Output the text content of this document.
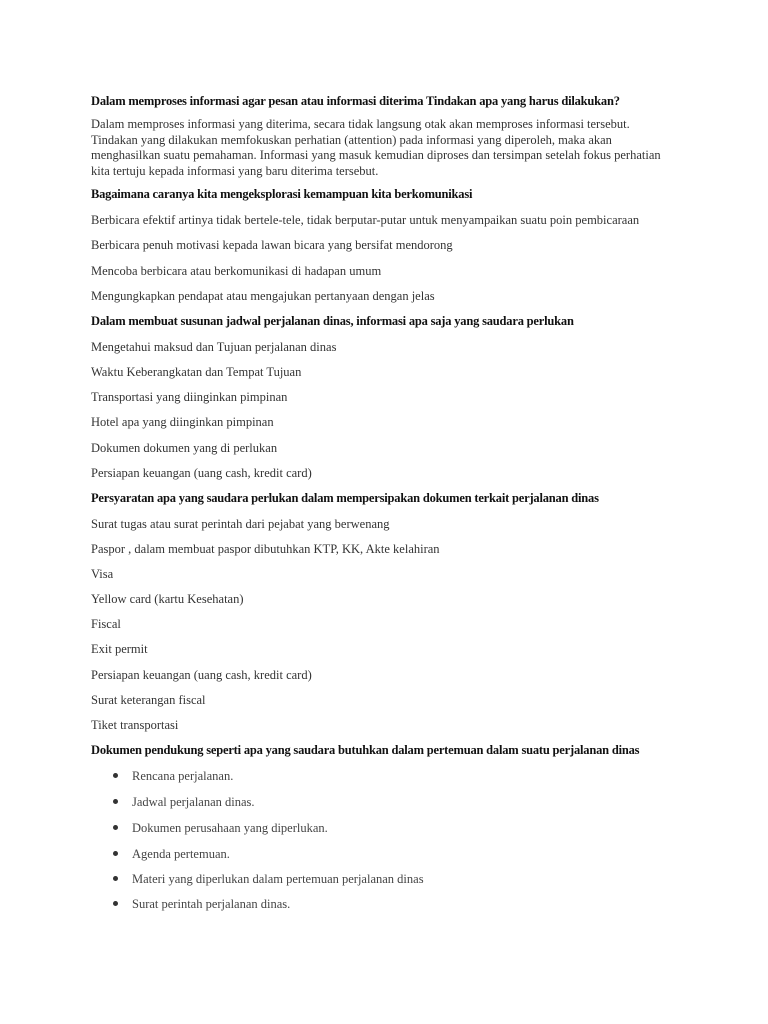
Dalam memproses informasi agar pesan atau informasi diterima Tindakan apa yang harus dilakukan?

Dalam memproses informasi yang diterima, secara tidak langsung otak akan memproses informasi tersebut.
Tindakan yang dilakukan memfokuskan perhatian (attention) pada informasi yang diperoleh, maka akan
menghasilkan suatu pemahaman. Informasi yang masuk kemudian diproses dan tersimpan setelah fokus perhatian
kita tertuju kepada informasi yang baru diterima tersebut.

Bagaimana caranya kita mengeksplorasi kemampuan kita berkomunikasi

Berbicara efektif artinya tidak bertele-tele, tidak berputar-putar untuk menyampaikan suatu poin pembicaraan

Berbicara penuh motivasi kepada lawan bicara yang bersifat mendorong

Mencoba berbicara atau berkomunikasi di hadapan umum

Mengungkapkan pendapat atau mengajukan pertanyaan dengan jelas

Dalam membuat susunan jadwal perjalanan dinas, informasi apa saja yang saudara perlukan

Mengetahui maksud dan Tujuan perjalanan dinas

Waktu Keberangkatan dan Tempat Tujuan

Transportasi yang diinginkan pimpinan

Hotel apa yang diinginkan pimpinan

Dokumen dokumen yang di perlukan

Persiapan keuangan (uang cash, kredit card)

Persyaratan apa yang saudara perlukan dalam mempersipakan dokumen terkait perjalanan dinas

Surat tugas atau surat perintah dari pejabat yang berwenang

Paspor , dalam membuat paspor dibutuhkan KTP, KK, Akte kelahiran

Visa

Yellow card (kartu Kesehatan)

Fiscal

Exit permit

Persiapan keuangan (uang cash, kredit card)

Surat keterangan fiscal

Tiket transportasi

Dokumen pendukung seperti apa yang saudara butuhkan dalam pertemuan dalam suatu perjalanan dinas

Rencana perjalanan.
Jadwal perjalanan dinas.
Dokumen perusahaan yang diperlukan.
Agenda pertemuan.
Materi yang diperlukan dalam pertemuan perjalanan dinas
Surat perintah perjalanan dinas.
